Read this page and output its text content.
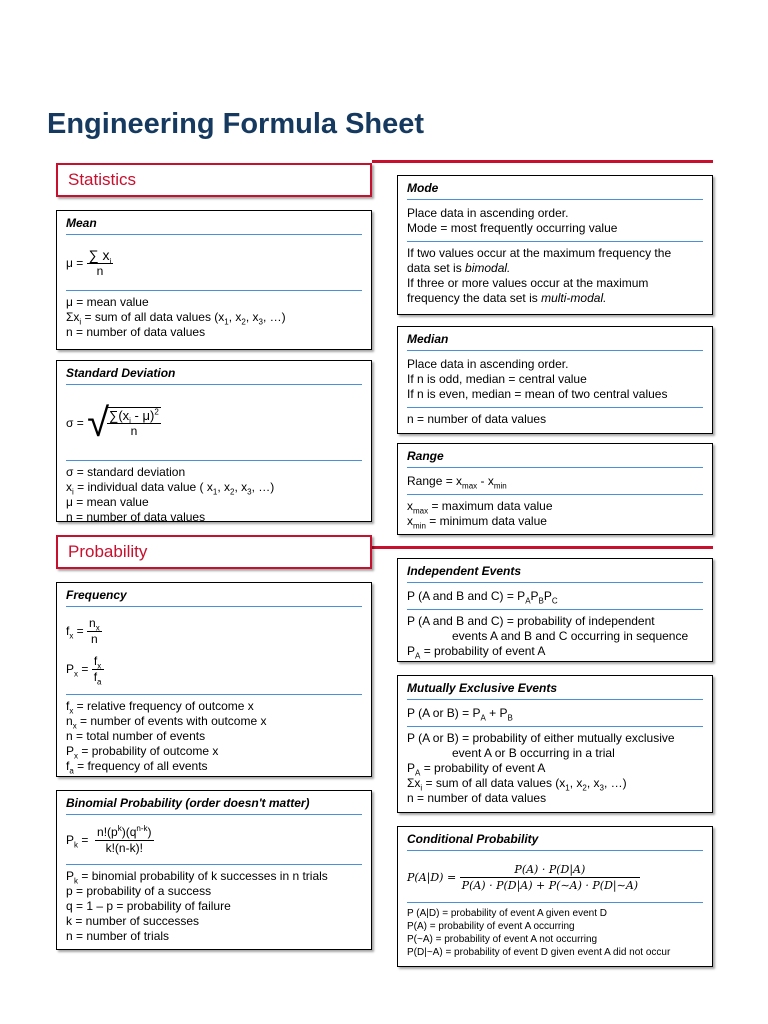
Engineering Formula Sheet
Statistics
Mean
μ =
$\frac{\sum x_i}{n}$
μ = mean value
$\Sigma x_i$ = sum of all data values ($x_1$, $x_2$, $x_3$, …)
n = number of data values
Standard Deviation
σ =
√
$\frac{\sum(x_i - \mu)^2}{n}$
σ = standard deviation
$x_i$ = individual data value ( $x_1$, $x_2$, $x_3$, …)
μ = mean value
n = number of data values
Mode
Place data in ascending order.
Mode = most frequently occurring value
If two values occur at the maximum frequency the
data set is bimodal.
If three or more values occur at the maximum
frequency the data set is multi-modal.
Median
Place data in ascending order.
If n is odd, median = central value
If n is even, median = mean of two central values
n = number of data values
Range
Range = $x_{max} - x_{min}$
$x_{max}$ = maximum data value
$x_{min}$ = minimum data value
Probability
Frequency
$f_x$ =
$\frac{n_x}{n}$
$P_x$ =
$\frac{f_x}{f_a}$
$f_x$ = relative frequency of outcome x
$n_x$ = number of events with outcome x
n = total number of events
$P_x$ = probability of outcome x
$f_a$ = frequency of all events
Binomial Probability (order doesn't matter)
$P_k$ =
$\frac{n!(p^k)(q^{n-k})}{k!(n-k)!}$
$P_k$ = binomial probability of k successes in n trials
p = probability of a success
q = 1 – p = probability of failure
k = number of successes
n = number of trials
Independent Events
P (A and B and $C) = P_AP_BP_C$
P (A and B and C) = probability of independent
events A and B and C occurring in sequence
$P_A$ = probability of event A
Mutually Exclusive Events
P (A or $B) = P_A + P_B$
P (A or B) = probability of either mutually exclusive
event A or B occurring in a trial
$P_A$ = probability of event A
$\Sigma x_i$ = sum of all data values ($x_1$, $x_2$, $x_3$, …)
n = number of data values
Conditional Probability
P(A|D) =
$\frac{P(A) \cdot P(D|A)}{P(A) \cdot P(D|A) + P(\sim A) \cdot P(D|\sim A)}$
P (A|D) = probability of event A given event D
P(A) = probability of event A occurring
P(~A) = probability of event A not occurring
P(D|~A) = probability of event D given event A did not occur
